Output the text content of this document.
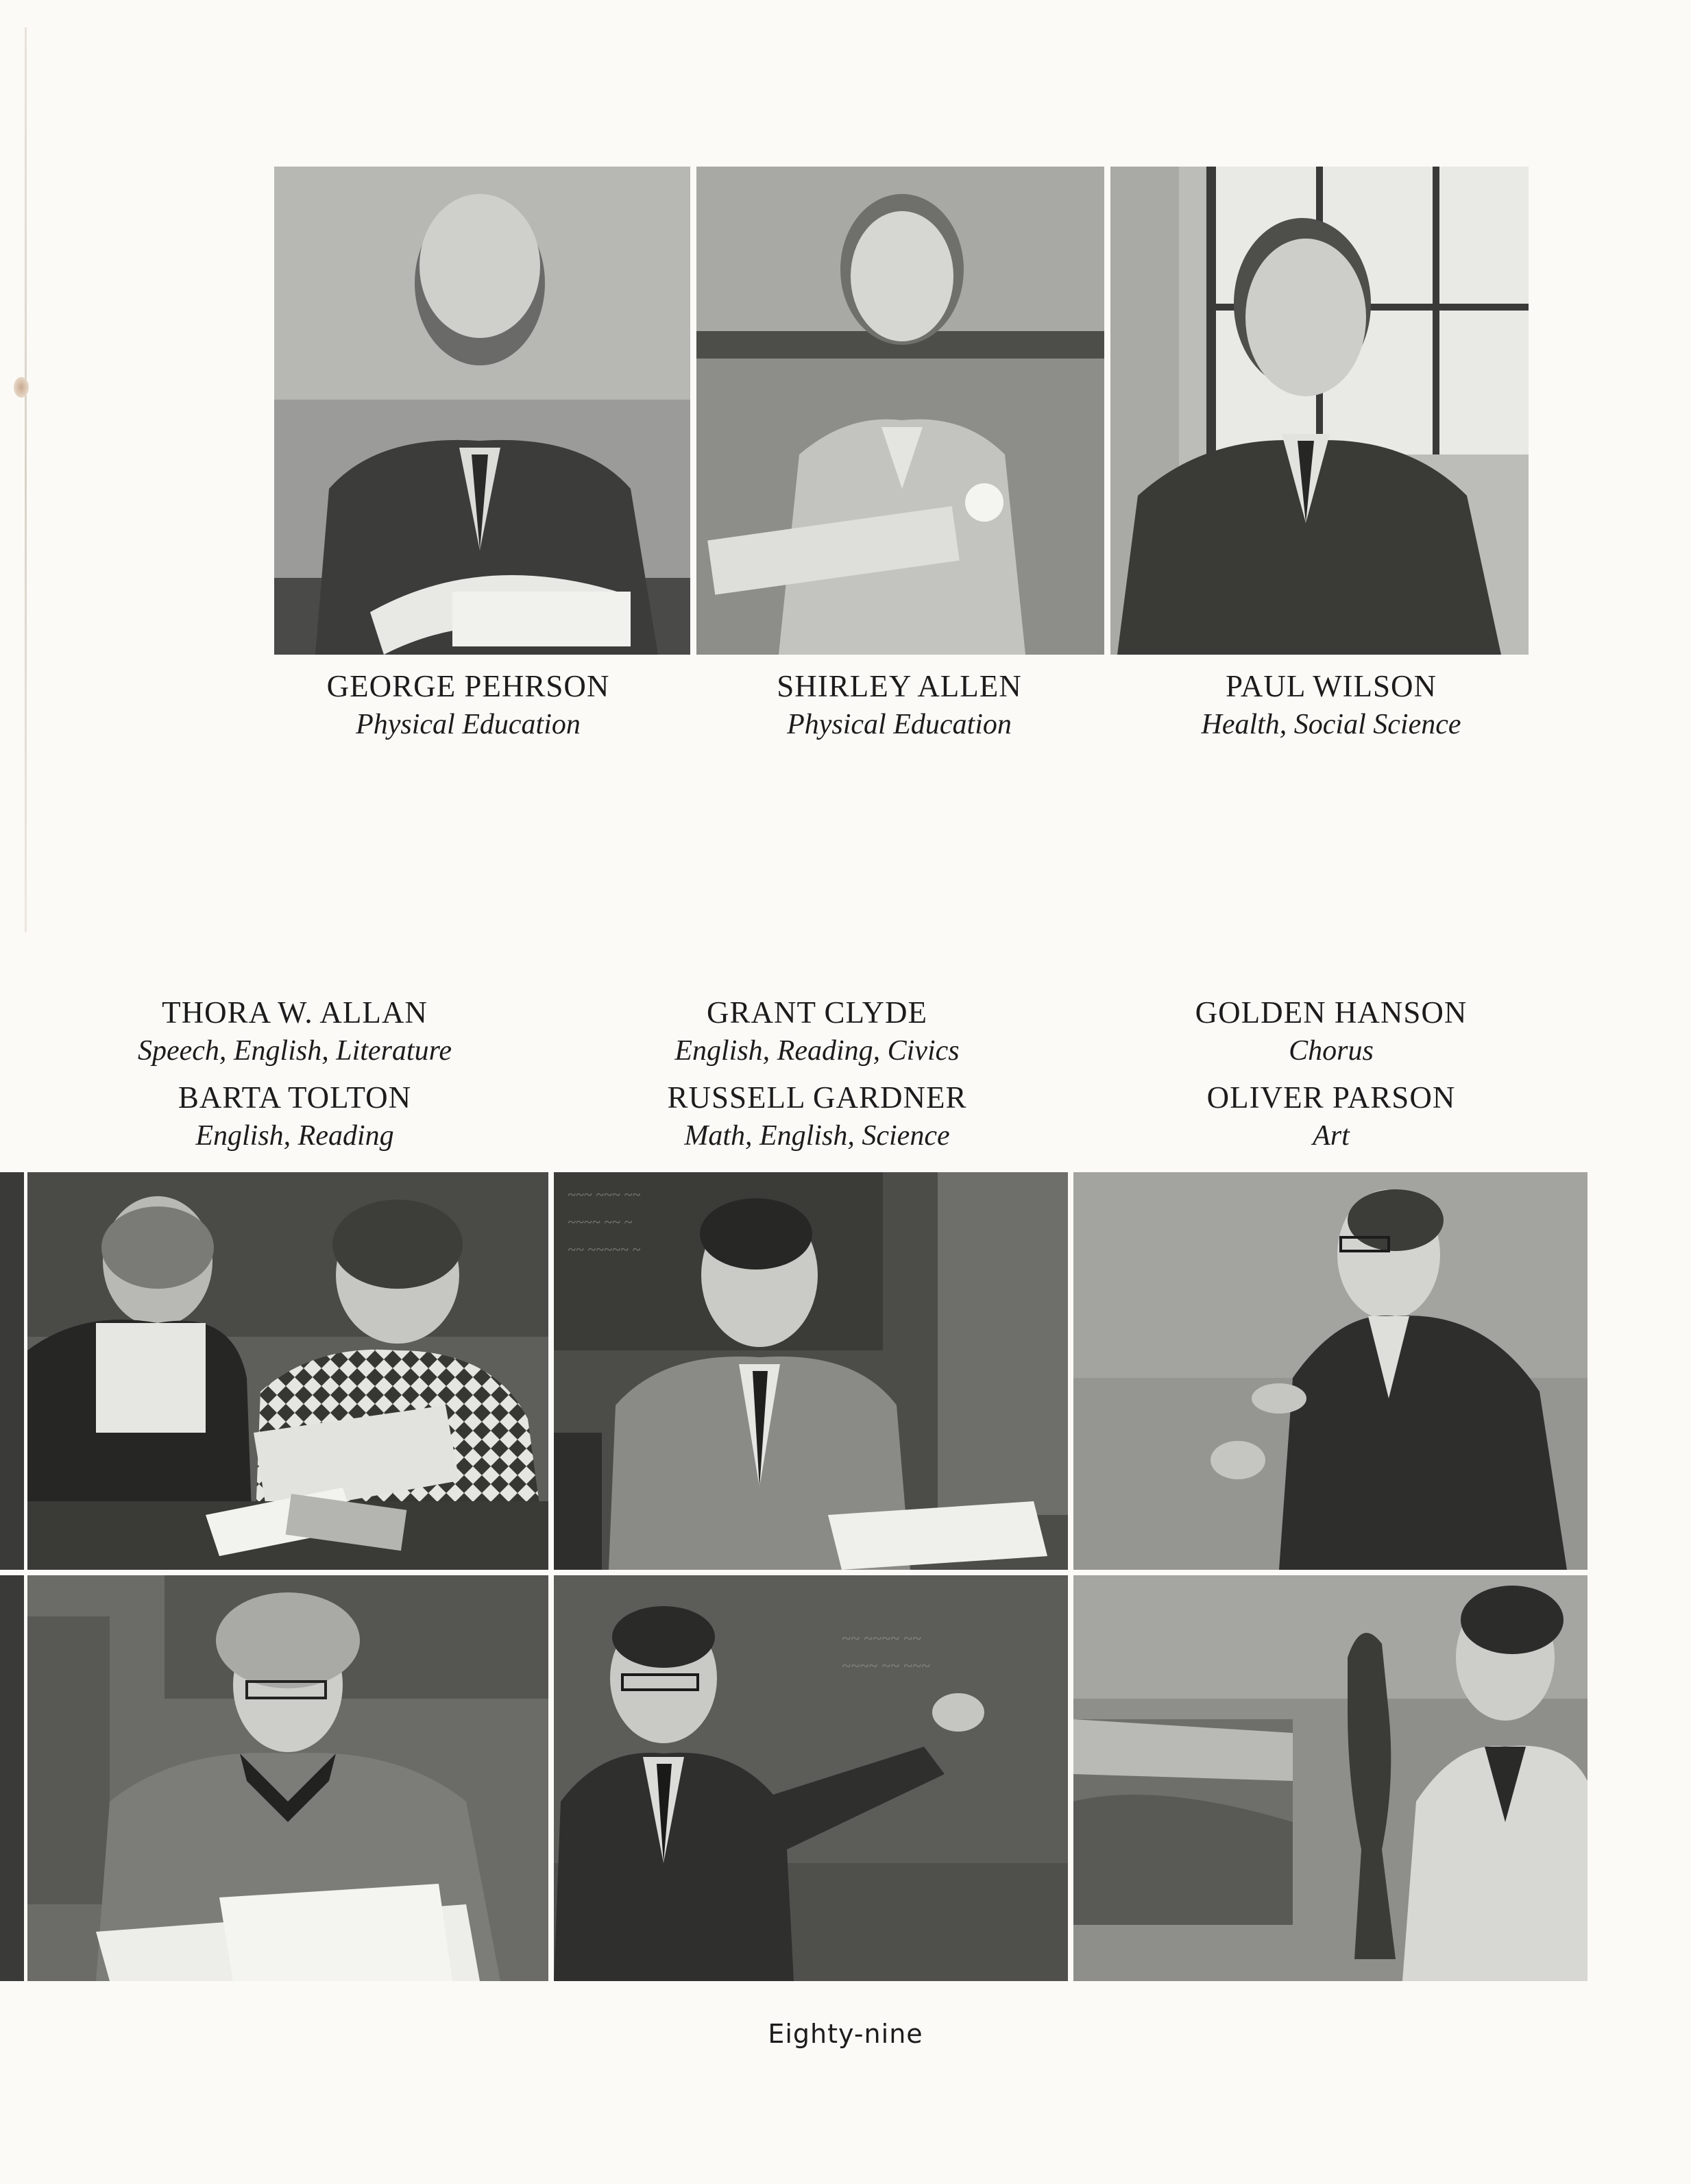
GEORGE PEHRSON
Physical Education
SHIRLEY ALLEN
Physical Education
PAUL WILSON
Health, Social Science
THORA W. ALLAN
Speech, English, Literature
BARTA TOLTON
English, Reading
GRANT CLYDE
English, Reading, Civics
RUSSELL GARDNER
Math, English, Science
GOLDEN HANSON
Chorus
OLIVER PARSON
Art
~~~ ~~~ ~~
~~~~ ~~ ~
~~ ~~~~~ ~
~~ ~~~~ ~~
~~~~ ~~ ~~~
Eighty-nine
